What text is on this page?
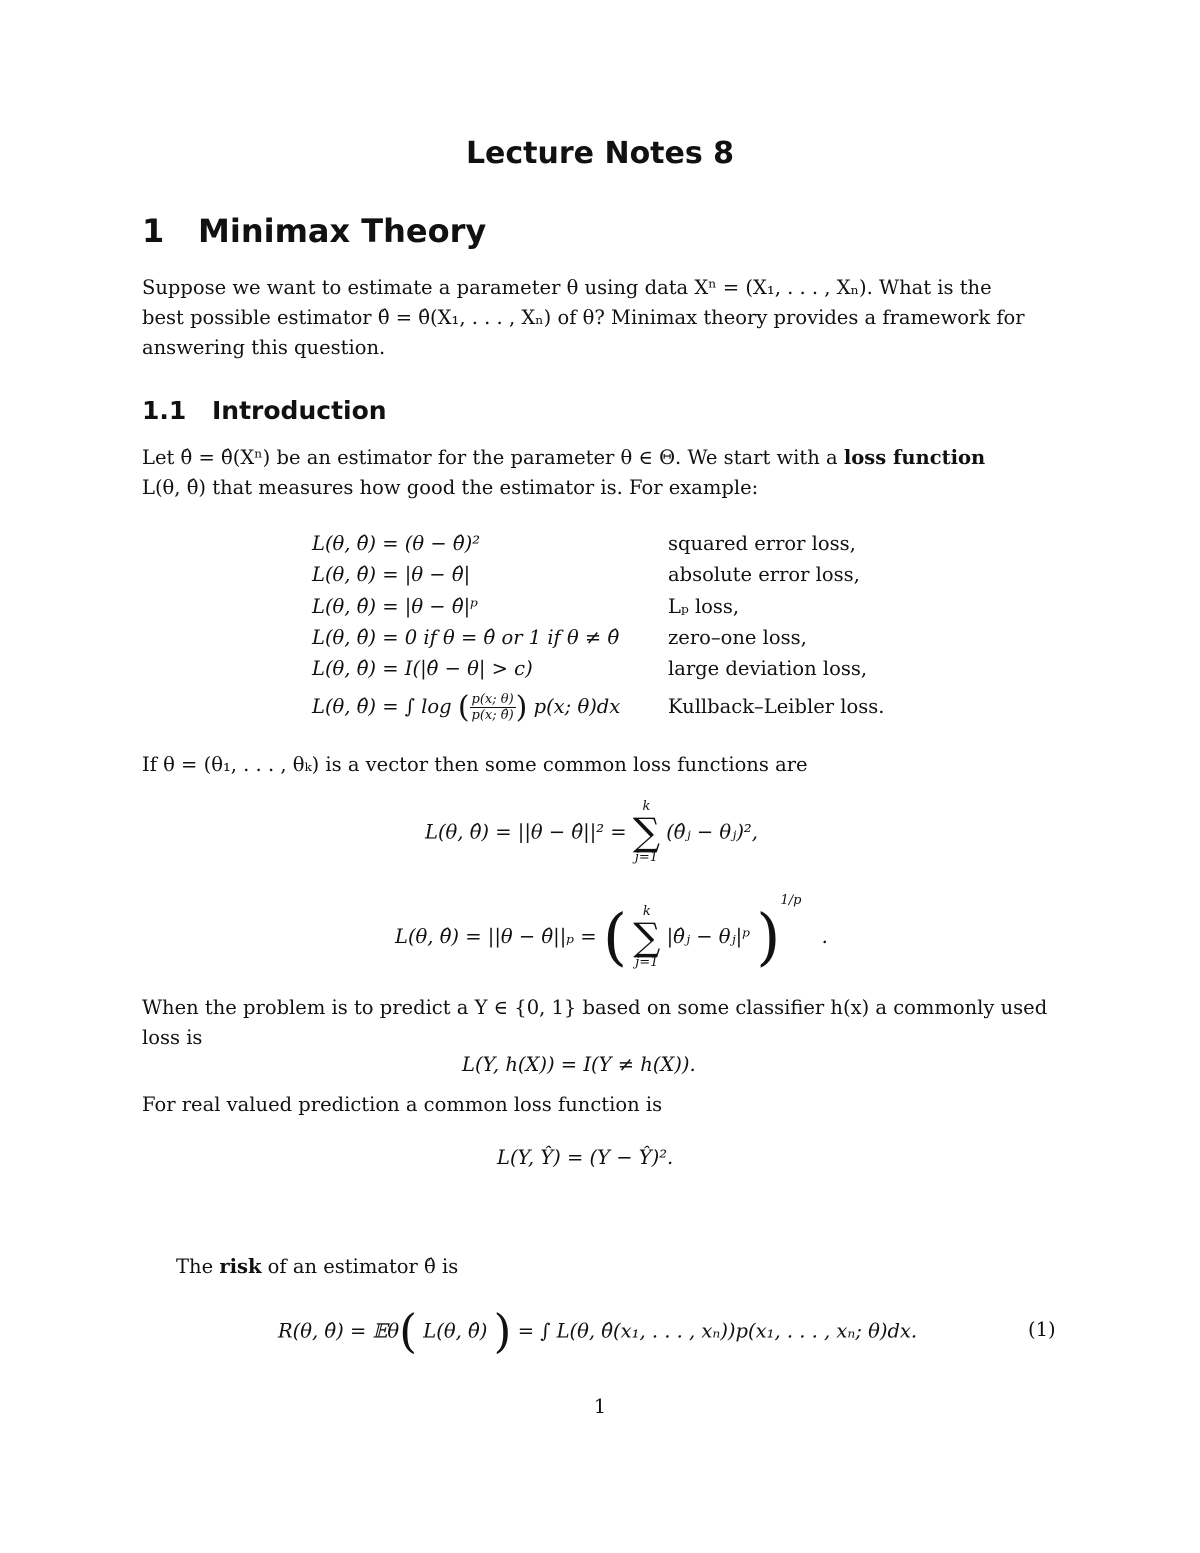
Lecture Notes 8
1 Minimax Theory
Suppose we want to estimate a parameter θ using data Xⁿ = (X₁, . . . , Xₙ). What is the
best possible estimator θ̂ = θ̂(X₁, . . . , Xₙ) of θ? Minimax theory provides a framework for
answering this question.
1.1 Introduction
Let θ̂ = θ̂(Xⁿ) be an estimator for the parameter θ ∈ Θ. We start with a loss function
L(θ, θ̂) that measures how good the estimator is. For example:
L(θ, θ̂) = (θ − θ̂)²	squared error loss,
L(θ, θ̂) = |θ − θ̂|	absolute error loss,
L(θ, θ̂) = |θ − θ̂|ᵖ	Lₚ loss,
L(θ, θ̂) = 0 if θ = θ̂ or 1 if θ ≠ θ̂	zero–one loss,
L(θ, θ̂) = I(|θ̂ − θ| > c)	large deviation loss,
L(θ, θ̂) = ∫ log ( $\frac{p(x; \theta)}{p(x; \thetâ)}$ ) p(x; θ)dx Kullback–Leibler loss.
If θ = (θ₁, . . . , θₖ) is a vector then some common loss functions are
L(θ, θ̂) = ||θ − θ̂||² =
k
∑
j=1
(θ̂ⱼ − θⱼ)²,
L(θ, θ̂) = ||θ − θ̂||ₚ = (	k
∑
j=1
|θ̂ⱼ − θⱼ|ᵖ )$^{1/p}$ .
When the problem is to predict a Y ∈ {0, 1} based on some classifier h(x) a commonly used
loss is
L(Y, h(X)) = I(Y ≠ h(X)).
For real valued prediction a common loss function is
L(Y, Ŷ) = (Y − Ŷ)².
The risk of an estimator θ̂ is
R(θ, θ̂) = 𝔼θ( L(θ, θ̂) ) = ∫ L(θ, θ̂(x₁, . . . , xₙ))p(x₁, . . . , xₙ; θ)dx.	(1)
1
